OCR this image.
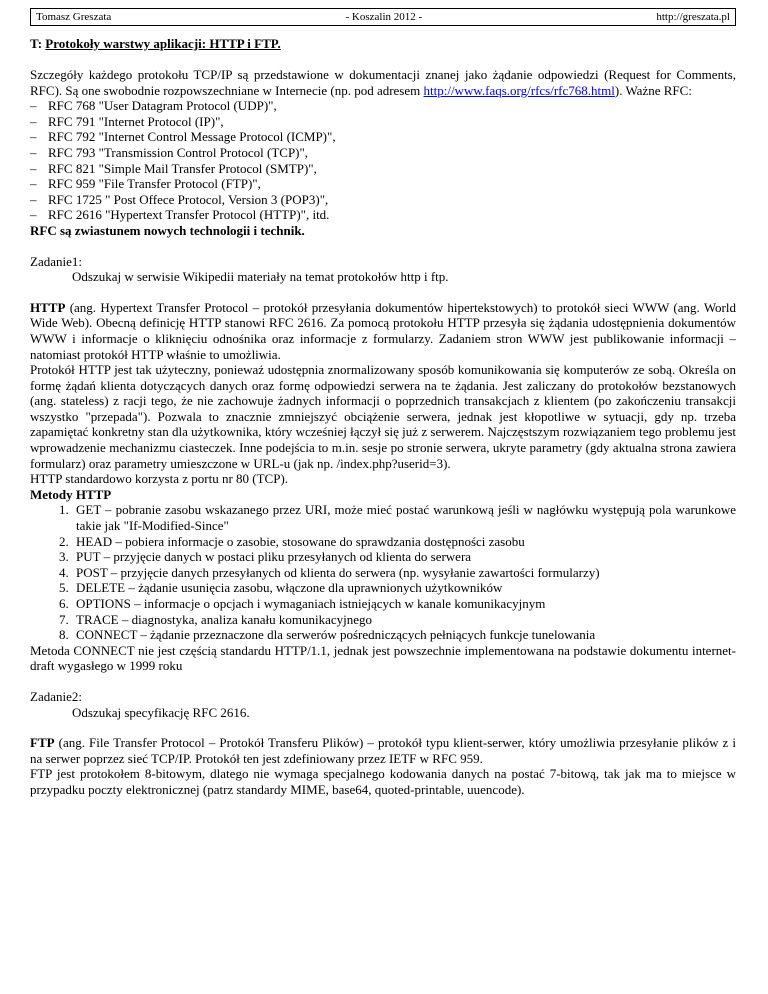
Tomasz Greszata	- Koszalin 2012 -	http://greszata.pl
T: Protokoły warstwy aplikacji: HTTP i FTP.

Szczegóły każdego protokołu TCP/IP są przedstawione w dokumentacji znanej jako żądanie odpowiedzi (Request for Comments, RFC). Są one swobodnie rozpowszechniane w Internecie (np. pod adresem http://www.faqs.org/rfcs/rfc768.html). Ważne RFC:

– RFC 768 "User Datagram Protocol (UDP)",
– RFC 791 "Internet Protocol (IP)",
– RFC 792 "Internet Control Message Protocol (ICMP)",
– RFC 793 "Transmission Control Protocol (TCP)",
– RFC 821 "Simple Mail Transfer Protocol (SMTP)",
– RFC 959 "File Transfer Protocol (FTP)",
– RFC 1725 " Post Offece Protocol, Version 3 (POP3)",
– RFC 2616 "Hypertext Transfer Protocol (HTTP)", itd.

RFC są zwiastunem nowych technologii i technik.

Zadanie1:

Odszukaj w serwisie Wikipedii materiały na temat protokołów http i ftp.

HTTP (ang. Hypertext Transfer Protocol – protokół przesyłania dokumentów hipertekstowych) to protokół sieci WWW (ang. World Wide Web). Obecną definicję HTTP stanowi RFC 2616. Za pomocą protokołu HTTP przesyła się żądania udostępnienia dokumentów WWW i informacje o kliknięciu odnośnika oraz informacje z formularzy. Zadaniem stron WWW jest publikowanie informacji – natomiast protokół HTTP właśnie to umożliwia.

Protokół HTTP jest tak użyteczny, ponieważ udostępnia znormalizowany sposób komunikowania się komputerów ze sobą. Określa on formę żądań klienta dotyczących danych oraz formę odpowiedzi serwera na te żądania. Jest zaliczany do protokołów bezstanowych (ang. stateless) z racji tego, że nie zachowuje żadnych informacji o poprzednich transakcjach z klientem (po zakończeniu transakcji wszystko "przepada"). Pozwala to znacznie zmniejszyć obciążenie serwera, jednak jest kłopotliwe w sytuacji, gdy np. trzeba zapamiętać konkretny stan dla użytkownika, który wcześniej łączył się już z serwerem. Najczęstszym rozwiązaniem tego problemu jest wprowadzenie mechanizmu ciasteczek. Inne podejścia to m.in. sesje po stronie serwera, ukryte parametry (gdy aktualna strona zawiera formularz) oraz parametry umieszczone w URL-u (jak np. /index.php?userid=3).

HTTP standardowo korzysta z portu nr 80 (TCP).

Metody HTTP

1. GET – pobranie zasobu wskazanego przez URI, może mieć postać warunkową jeśli w nagłówku występują pola warunkowe takie jak "If-Modified-Since"
2. HEAD – pobiera informacje o zasobie, stosowane do sprawdzania dostępności zasobu
3. PUT – przyjęcie danych w postaci pliku przesyłanych od klienta do serwera
4. POST – przyjęcie danych przesyłanych od klienta do serwera (np. wysyłanie zawartości formularzy)
5. DELETE – żądanie usunięcia zasobu, włączone dla uprawnionych użytkowników
6. OPTIONS – informacje o opcjach i wymaganiach istniejących w kanale komunikacyjnym
7. TRACE – diagnostyka, analiza kanału komunikacyjnego
8. CONNECT – żądanie przeznaczone dla serwerów pośredniczących pełniących funkcje tunelowania

Metoda CONNECT nie jest częścią standardu HTTP/1.1, jednak jest powszechnie implementowana na podstawie dokumentu internet-draft wygasłego w 1999 roku

Zadanie2:

Odszukaj specyfikację RFC 2616.

FTP (ang. File Transfer Protocol – Protokół Transferu Plików) – protokół typu klient-serwer, który umożliwia przesyłanie plików z i na serwer poprzez sieć TCP/IP. Protokół ten jest zdefiniowany przez IETF w RFC 959.

FTP jest protokołem 8-bitowym, dlatego nie wymaga specjalnego kodowania danych na postać 7-bitową, tak jak ma to miejsce w przypadku poczty elektronicznej (patrz standardy MIME, base64, quoted-printable, uuencode).
